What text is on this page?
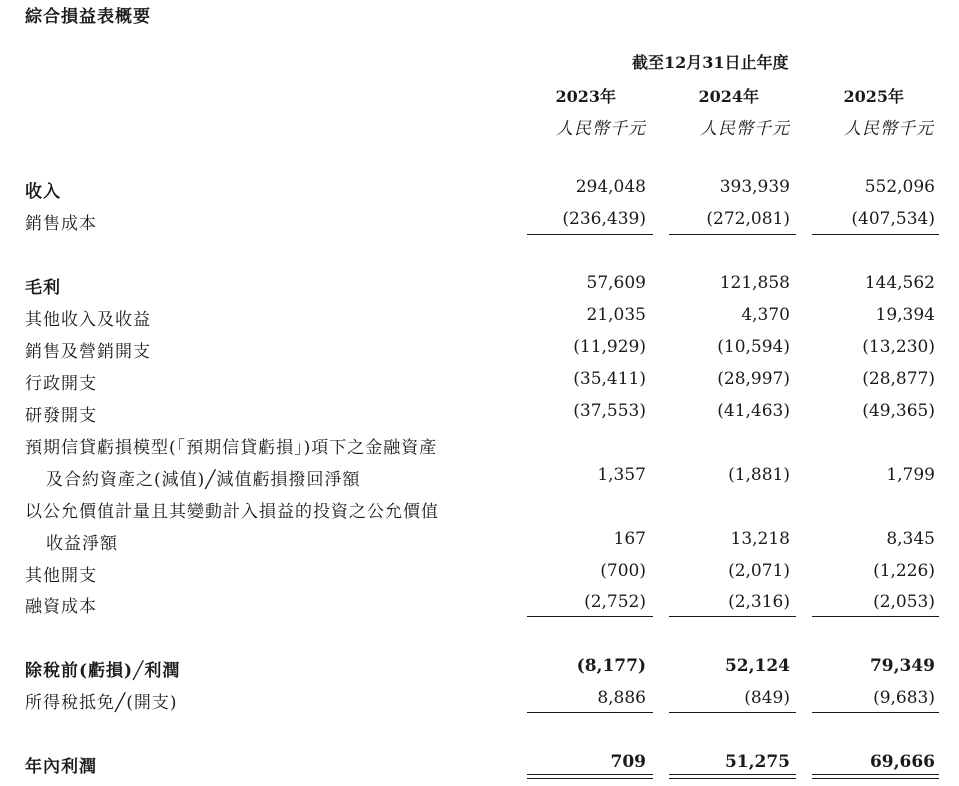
綜合損益表概要
截至12月31日止年度
2023年	2024年	2025年
人民幣千元	人民幣千元	人民幣千元
收入	294,048	393,939	552,096
銷售成本	(236,439)	(272,081)	(407,534)
毛利	57,609	121,858	144,562
其他收入及收益	21,035	4,370	19,394
銷售及營銷開支	(11,929)	(10,594)	(13,230)
行政開支	(35,411)	(28,997)	(28,877)
研發開支	(37,553)	(41,463)	(49,365)
預期信貸虧損模型(「預期信貸虧損」)項下之金融資產
及合約資產之(減值)╱減值虧損撥回淨額	1,357	(1,881)	1,799
以公允價值計量且其變動計入損益的投資之公允價值
收益淨額	167	13,218	8,345
其他開支	(700)	(2,071)	(1,226)
融資成本	(2,752)	(2,316)	(2,053)
除稅前(虧損)╱利潤	(8,177)	52,124	79,349
所得稅抵免╱(開支)	8,886	(849)	(9,683)
年內利潤	709	51,275	69,666
